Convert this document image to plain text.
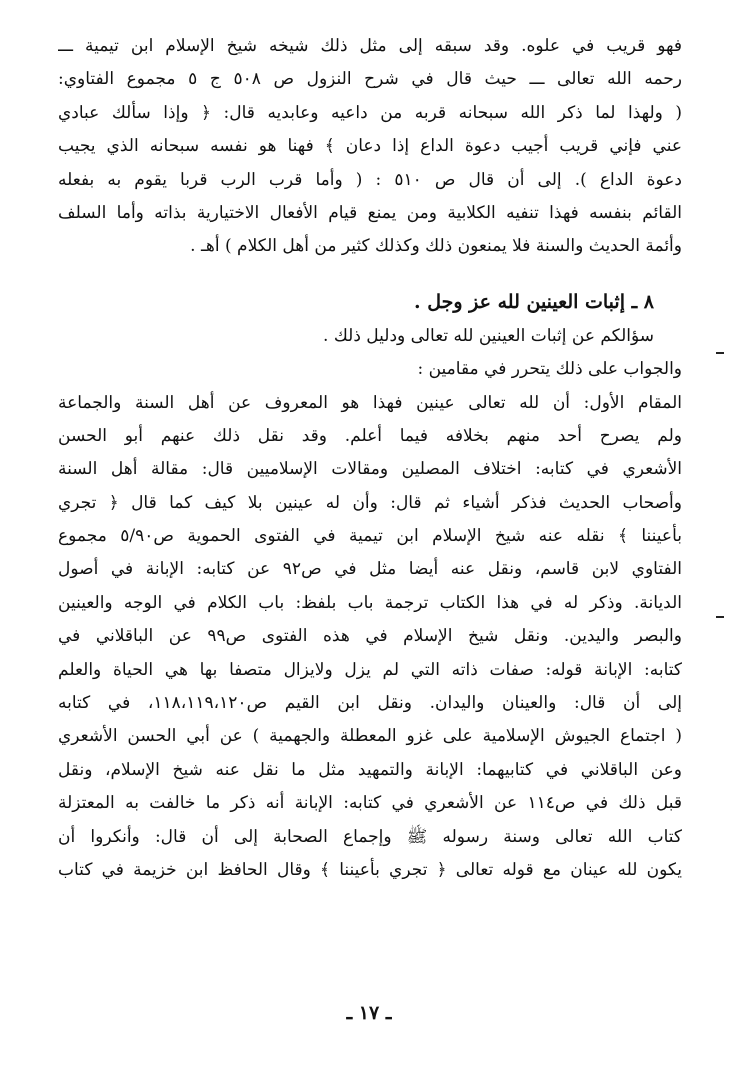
فهو قريب في علوه. وقد سبقه إلى مثل ذلك شيخه شيخ الإسلام ابن تيمية ـــ
رحمه الله تعالى ـــ حيث قال في شرح النزول ص ٥٠٨ ج ٥ مجموع الفتاوي:
( ولهذا لما ذكر الله سبحانه قربه من داعيه وعابديه قال: ﴿ وإذا سألك عبادي
عني فإني قريب أجيب دعوة الداع إذا دعان ﴾ فهنا هو نفسه سبحانه الذي يجيب
دعوة الداع ). إلى أن قال ص ٥١٠ : ( وأما قرب الرب قربا يقوم به بفعله
القائم بنفسه فهذا تنفيه الكلابية ومن يمنع قيام الأفعال الاختيارية بذاته وأما السلف
وأئمة الحديث والسنة فلا يمنعون ذلك وكذلك كثير من أهل الكلام ) أهـ .
٨ ـ إثبات العينين لله عز وجل .
سؤالكم عن إثبات العينين لله تعالى ودليل ذلك .
والجواب على ذلك يتحرر في مقامين :
المقام الأول: أن لله تعالى عينين فهذا هو المعروف عن أهل السنة والجماعة
ولم يصرح أحد منهم بخلافه فيما أعلم. وقد نقل ذلك عنهم أبو الحسن
الأشعري في كتابه: اختلاف المصلين ومقالات الإسلاميين قال: مقالة أهل السنة
وأصحاب الحديث فذكر أشياء ثم قال: وأن له عينين بلا كيف كما قال ﴿ تجري
بأعيننا ﴾ نقله عنه شيخ الإسلام ابن تيمية في الفتوى الحموية ص٥/٩٠ مجموع
الفتاوي لابن قاسم، ونقل عنه أيضا مثل في ص٩٢ عن كتابه: الإبانة في أصول
الديانة. وذكر له في هذا الكتاب ترجمة باب بلفظ: باب الكلام في الوجه والعينين
والبصر واليدين. ونقل شيخ الإسلام في هذه الفتوى ص٩٩ عن الباقلاني في
كتابه: الإبانة قوله: صفات ذاته التي لم يزل ولايزال متصفا بها هي الحياة والعلم
إلى أن قال: والعينان واليدان. ونقل ابن القيم ص١١٨،١١٩،١٢٠، في كتابه
( اجتماع الجيوش الإسلامية على غزو المعطلة والجهمية ) عن أبي الحسن الأشعري
وعن الباقلاني في كتابيهما: الإبانة والتمهيد مثل ما نقل عنه شيخ الإسلام، ونقل
قبل ذلك في ص١١٤ عن الأشعري في كتابه: الإبانة أنه ذكر ما خالفت به المعتزلة
كتاب الله تعالى وسنة رسوله ﷺ وإجماع الصحابة إلى أن قال: وأنكروا أن
يكون لله عينان مع قوله تعالى ﴿ تجري بأعيننا ﴾ وقال الحافظ ابن خزيمة في كتاب
ـ ١٧ ـ
